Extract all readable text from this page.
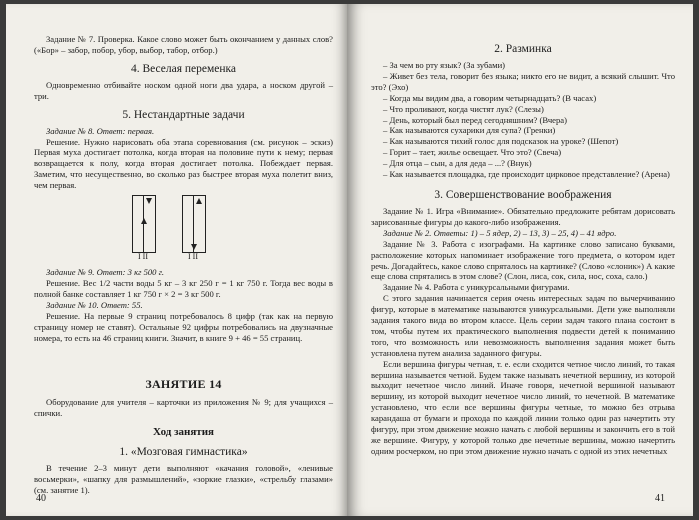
Задание № 7. Проверка. Какое слово может быть окончанием у данных слов? («Бор» – забор, побор, убор, выбор, табор, отбор.)

4. Веселая переменка

Одновременно отбивайте носком одной ноги два удара, а носком другой – три.

5. Нестандартные задачи

Задание № 8. Ответ: первая.

Решение. Нужно нарисовать оба этапа соревнования (см. рисунок – эскиз) Первая муха достигает потолка, когда вторая на половине пути к нему; первая возвращается к полу, когда вторая достигает потолка. Побеждает первая. Заметим, что несущественно, во сколько раз быстрее вторая муха полетит вниз, чем первая.

I II	I II

Задание № 9. Ответ: 3 кг 500 г.

Решение. Вес 1/2 части воды 5 кг – 3 кг 250 г = 1 кг 750 г. Тогда вес воды в полной банке составляет 1 кг 750 г × 2 = 3 кг 500 г.

Задание № 10. Ответ: 55.

Решение. На первые 9 страниц потребовалось 8 цифр (так как на первую страницу номер не ставят). Остальные 92 цифры потребовались на двузначные номера, то есть на 46 страниц книги. Значит, в книге 9 + 46 = 55 страниц.

ЗАНЯТИЕ 14

Оборудование для учителя – карточки из приложения № 9; для учащихся – спички.

Ход занятия
1. «Мозговая гимнастика»

В течение 2–3 минут дети выполняют «качания головой», «ленивые восьмерки», «шапку для размышлений», «зоркие глазки», «стрельбу глазами» (см. занятие 1).

40
2. Разминка

– За чем во рту язык? (За зубами)

– Живет без тела, говорит без языка; никто его не видит, а всякий слышит. Что это? (Эхо)

– Когда мы видим два, а говорим четырнадцать? (В часах)

– Что проливают, когда чистят лук? (Слезы)

– День, который был перед сегодняшним? (Вчера)

– Как называются сухарики для супа? (Гренки)

– Как называются тихий голос для подсказок на уроке? (Шепот)

– Горит – тает, жилье освещает. Что это? (Свеча)

– Для отца – сын, а для деда – ...? (Внук)

– Как называется площадка, где происходит цирковое представление? (Арена)

3. Совершенствование воображения

Задание № 1. Игра «Внимание». Обязательно предложите ребятам дорисовать зарисованные фигуры до какого-либо изображения.

Задание № 2. Ответы: 1) – 5 ядер, 2) – 13, 3) – 25, 4) – 41 ядро.

Задание № 3. Работа с изографами. На картинке слово записано буквами, расположение которых напоминает изображение того предмета, о котором идет речь. Догадайтесь, какое слово спряталось на картинке? (Слово «слоник») А какие еще слова спрятались в этом слове? (Слон, лиса, сок, сила, нос, соха, сало.)

Задание № 4. Работа с уникурсальными фигурами.

С этого задания начинается серия очень интересных задач по вычерчиванию фигур, которые в математике называются уникурсальными. Дети уже выполняли задания такого вида во втором классе. Цель серии задач такого плана состоит в том, чтобы путем их практического выполнения подвести детей к пониманию того, что возможность или невозможность выполнения задания может быть установлена путем анализа заданного фигуры.

Если вершина фигуры четная, т. е. если сходится четное число линий, то такая вершина называется четной. Будем также называть нечетной вершину, из которой выходит нечетное число линий. Иначе говоря, нечетной вершиной называют вершину, из которой выходит нечетное число линий, то нечетной. В математике установлено, что если все вершины фигуры четные, то можно без отрыва карандаша от бумаги и прохода по каждой линии только один раз начертить эту фигуру, при этом движение можно начать с любой вершины и закончить его в той же вершине. Фигуру, у которой только две нечетные вершины, можно начертить одним росчерком, но при этом движение нужно начать с одной из этих нечетных

41
